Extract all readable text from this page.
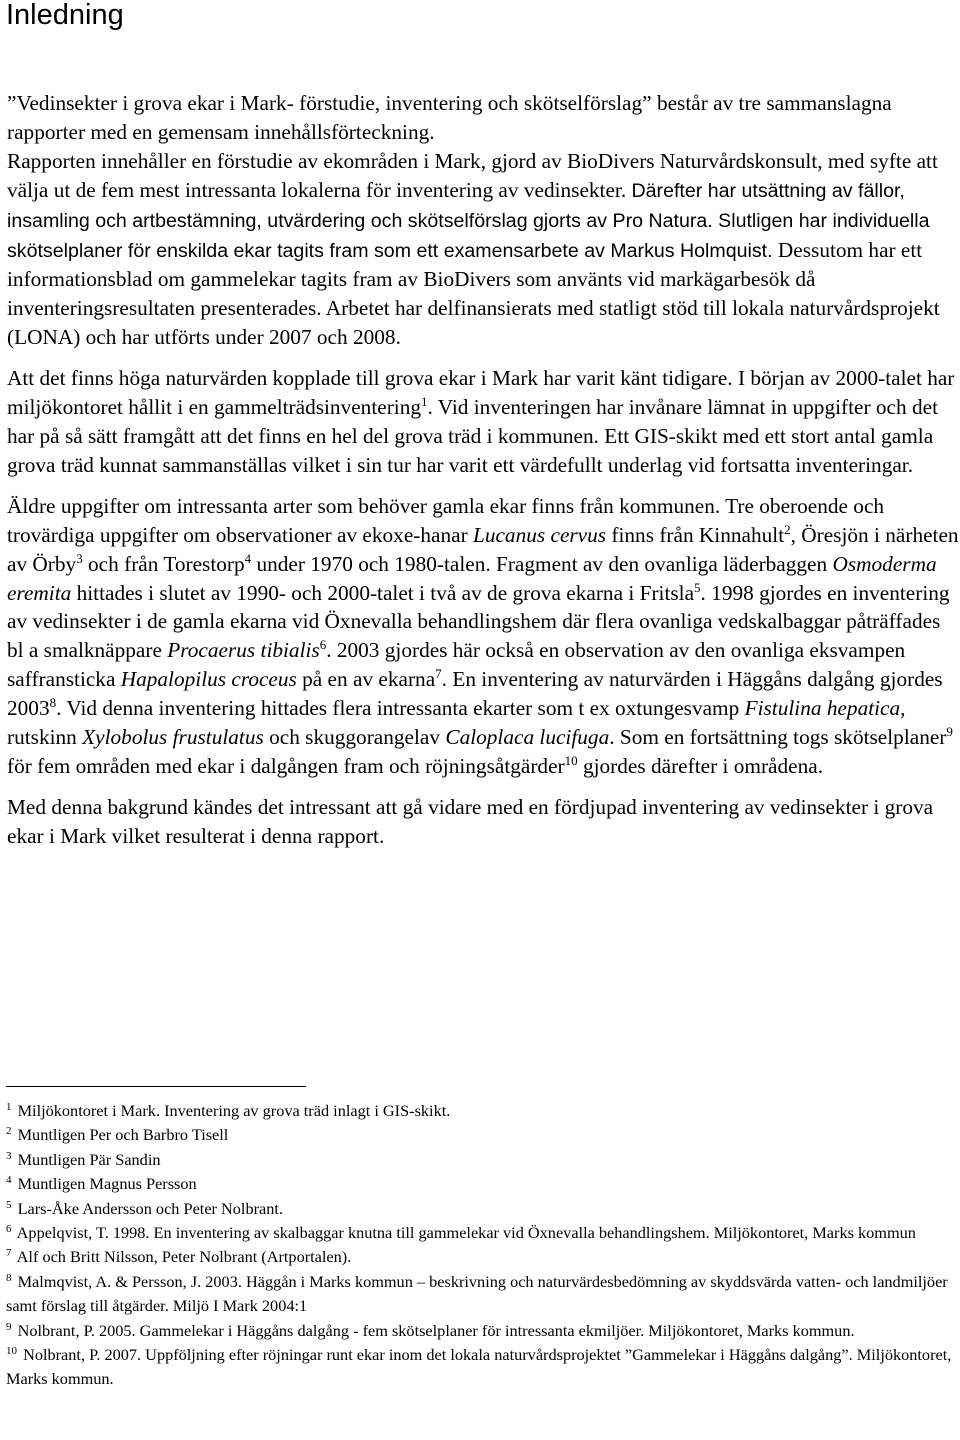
Inledning

”Vedinsekter i grova ekar i Mark- förstudie, inventering och skötselförslag” består av tre sammanslagna rapporter med en gemensam innehållsförteckning.

Rapporten innehåller en förstudie av ekområden i Mark, gjord av BioDivers Naturvårdskonsult, med syfte att välja ut de fem mest intressanta lokalerna för inventering av vedinsekter. Därefter har utsättning av fällor, insamling och artbestämning, utvärdering och skötselförslag gjorts av Pro Natura. Slutligen har individuella skötselplaner för enskilda ekar tagits fram som ett examensarbete av Markus Holmquist. Dessutom har ett informationsblad om gammelekar tagits fram av BioDivers som använts vid markägarbesök då inventeringsresultaten presenterades. Arbetet har delfinansierats med statligt stöd till lokala naturvårdsprojekt (LONA) och har utförts under 2007 och 2008.

Att det finns höga naturvärden kopplade till grova ekar i Mark har varit känt tidigare. I början av 2000-talet har miljökontoret hållit i en gammelträdsinventering$^1$. Vid inventeringen har invånare lämnat in uppgifter och det har på så sätt framgått att det finns en hel del grova träd i kommunen. Ett GIS-skikt med ett stort antal gamla grova träd kunnat sammanställas vilket i sin tur har varit ett värdefullt underlag vid fortsatta inventeringar.

Äldre uppgifter om intressanta arter som behöver gamla ekar finns från kommunen. Tre oberoende och trovärdiga uppgifter om observationer av ekoxe-hanar Lucanus cervus finns från Kinnahult$^2$, Öresjön i närheten av Örby$^3$ och från Torestorp$^4$ under 1970 och 1980-talen. Fragment av den ovanliga läderbaggen Osmoderma eremita hittades i slutet av 1990- och 2000-talet i två av de grova ekarna i Fritsla$^5$. 1998 gjordes en inventering av vedinsekter i de gamla ekarna vid Öxnevalla behandlingshem där flera ovanliga vedskalbaggar påträffades bl a smalknäppare Procaerus tibialis$^6$. 2003 gjordes här också en observation av den ovanliga eksvampen saffransticka Hapalopilus croceus på en av ekarna$^7$. En inventering av naturvärden i Häggåns dalgång gjordes 2003$^8$. Vid denna inventering hittades flera intressanta ekarter som t ex oxtungesvamp Fistulina hepatica, rutskinn Xylobolus frustulatus och skuggorangelav Caloplaca lucifuga. Som en fortsättning togs skötselplaner$^9$ för fem områden med ekar i dalgången fram och röjningsåtgärder$^{10}$ gjordes därefter i områdena.

Med denna bakgrund kändes det intressant att gå vidare med en fördjupad inventering av vedinsekter i grova ekar i Mark vilket resulterat i denna rapport.

$^1$ Miljökontoret i Mark. Inventering av grova träd inlagt i GIS-skikt.
$^2$ Muntligen Per och Barbro Tisell
$^3$ Muntligen Pär Sandin
$^4$ Muntligen Magnus Persson
$^5$ Lars-Åke Andersson och Peter Nolbrant.
$^6$ Appelqvist, T. 1998. En inventering av skalbaggar knutna till gammelekar vid Öxnevalla behandlingshem. Miljökontoret, Marks kommun
$^7$ Alf och Britt Nilsson, Peter Nolbrant (Artportalen).
$^8$ Malmqvist, A. & Persson, J. 2003. Häggån i Marks kommun – beskrivning och naturvärdesbedömning av skyddsvärda vatten- och landmiljöer samt förslag till åtgärder. Miljö I Mark 2004:1
$^9$ Nolbrant, P. 2005. Gammelekar i Häggåns dalgång - fem skötselplaner för intressanta ekmiljöer. Miljökontoret, Marks kommun.
$^{10}$ Nolbrant, P. 2007. Uppföljning efter röjningar runt ekar inom det lokala naturvårdsprojektet ”Gammelekar i Häggåns dalgång”. Miljökontoret, Marks kommun.
